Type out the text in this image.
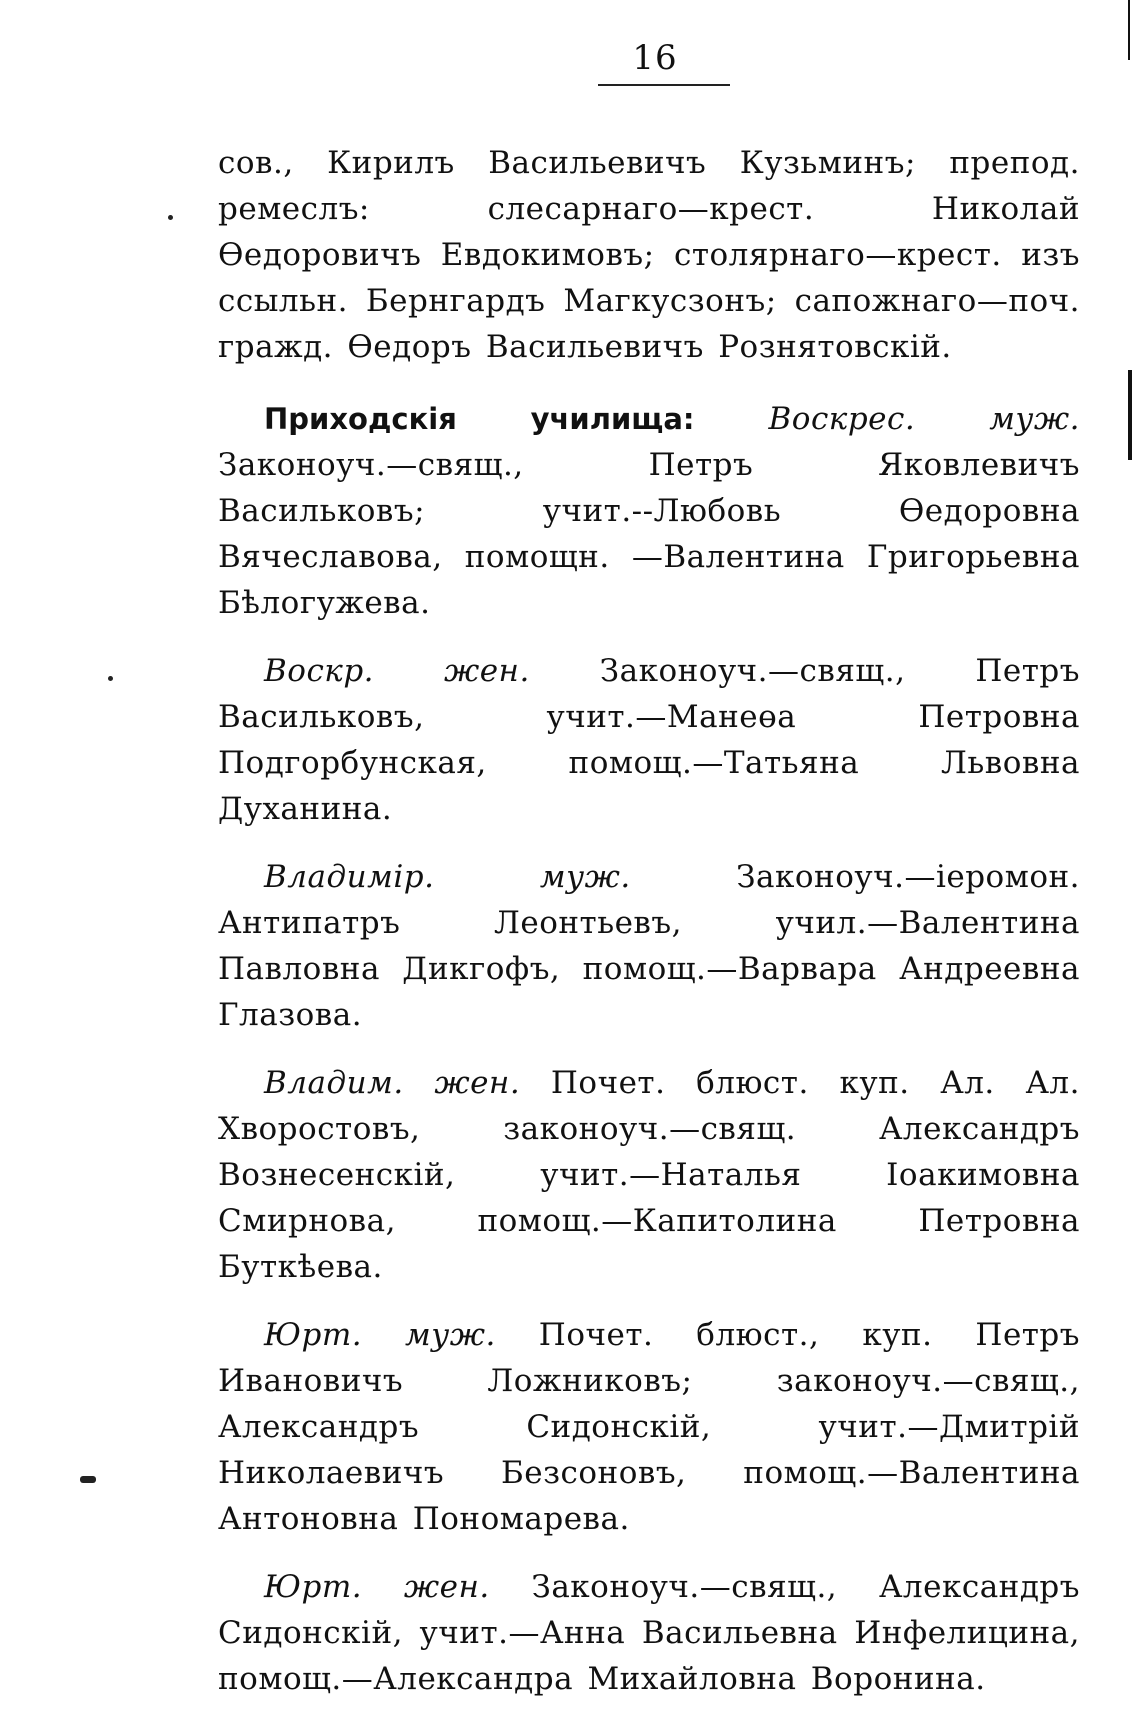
16

сов., Кирилъ Васильевичъ Кузьминъ; препод. ремеслъ: слесарнаго—крест. Николай Өедоровичъ Евдокимовъ; столярнаго—крест. изъ ссыльн. Бернгардъ Магкусзонъ; сапожнаго—поч. гражд. Өедоръ Васильевичъ Рознятовскій.

Приходскія училища: Воскрес. муж. Законоуч.—свящ., Петръ Яковлевичъ Васильковъ; учит.--Любовь Өедоровна Вячеславова, помощн. —Валентина Григорьевна Бѣлогужева.

Воскр. жен. Законоуч.—свящ., Петръ Васильковъ, учит.—Манеөа Петровна Подгорбунская, помощ.—Татьяна Львовна Духанина.

Владимір. муж.	Законоуч.—іеромон. Антипатръ Леонтьевъ, учил.—Валентина Павловна Дикгофъ, помощ.—Варвара Андреевна Глазова.

Владим. жен. Почет. блюст. куп. Ал. Ал. Хворостовъ, законоуч.—свящ. Александръ Вознесенскій, учит.—Наталья Іоакимовна Смирнова, помощ.—Капитолина Петровна Буткѣева.

Юрт. муж. Почет. блюст., куп. Петръ Ивановичъ Ложниковъ; законоуч.—свящ., Александръ Сидонскій, учит.—Дмитрій Николаевичъ Безсоновъ, помощ.—Валентина Антоновна Пономарева.

Юрт. жен. Законоуч.—свящ., Александръ Сидонскій, учит.—Анна Васильевна Инфелицина, помощ.—Александра Михайловна Воронина.
